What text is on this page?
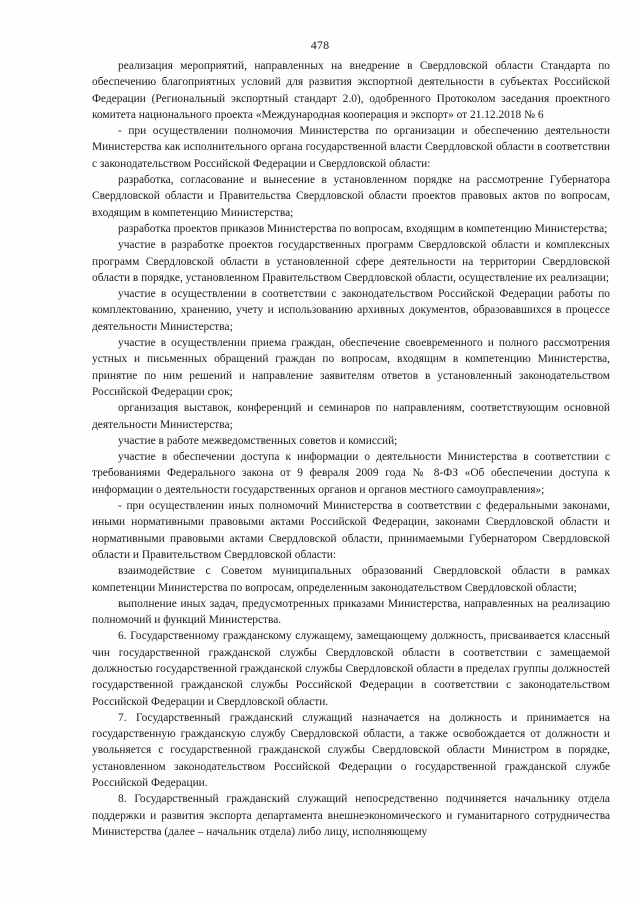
478

реализация мероприятий, направленных на внедрение в Свердловской области Стандарта по обеспечению благоприятных условий для развития экспортной деятельности в субъектах Российской Федерации (Региональный экспортный стандарт 2.0), одобренного Протоколом заседания проектного комитета национального проекта «Международная кооперация и экспорт» от 21.12.2018 № 6

- при осуществлении полномочия Министерства по организации и обеспечению деятельности Министерства как исполнительного органа государственной власти Свердловской области в соответствии с законодательством Российской Федерации и Свердловской области:

разработка, согласование и вынесение в установленном порядке на рассмотрение Губернатора Свердловской области и Правительства Свердловской области проектов правовых актов по вопросам, входящим в компетенцию Министерства;

разработка проектов приказов Министерства по вопросам, входящим в компетенцию Министерства;

участие в разработке проектов государственных программ Свердловской области и комплексных программ Свердловской области в установленной сфере деятельности на территории Свердловской области в порядке, установленном Правительством Свердловской области, осуществление их реализации;

участие в осуществлении в соответствии с законодательством Российской Федерации работы по комплектованию, хранению, учету и использованию архивных документов, образовавшихся в процессе деятельности Министерства;

участие в осуществлении приема граждан, обеспечение своевременного и полного рассмотрения устных и письменных обращений граждан по вопросам, входящим в компетенцию Министерства, принятие по ним решений и направление заявителям ответов в установленный законодательством Российской Федерации срок;

организация выставок, конференций и семинаров по направлениям, соответствующим основной деятельности Министерства;

участие в работе межведомственных советов и комиссий;

участие в обеспечении доступа к информации о деятельности Министерства в соответствии с требованиями Федерального закона от 9 февраля 2009 года № 8-ФЗ «Об обеспечении доступа к информации о деятельности государственных органов и органов местного самоуправления»;

- при осуществлении иных полномочий Министерства в соответствии с федеральными законами, иными нормативными правовыми актами Российской Федерации, законами Свердловской области и нормативными правовыми актами Свердловской области, принимаемыми Губернатором Свердловской области и Правительством Свердловской области:

взаимодействие с Советом муниципальных образований Свердловской области в рамках компетенции Министерства по вопросам, определенным законодательством Свердловской области;

выполнение иных задач, предусмотренных приказами Министерства, направленных на реализацию полномочий и функций Министерства.

6. Государственному гражданскому служащему, замещающему должность, присваивается классный чин государственной гражданской службы Свердловской области в соответствии с замещаемой должностью государственной гражданской службы Свердловской области в пределах группы должностей государственной гражданской службы Российской Федерации в соответствии с законодательством Российской Федерации и Свердловской области.

7. Государственный гражданский служащий назначается на должность и принимается на государственную гражданскую службу Свердловской области, а также освобождается от должности и увольняется с государственной гражданской службы Свердловской области Министром в порядке, установленном законодательством Российской Федерации о государственной гражданской службе Российской Федерации.

8. Государственный гражданский служащий непосредственно подчиняется начальнику отдела поддержки и развития экспорта департамента внешнеэкономического и гуманитарного сотрудничества Министерства (далее – начальник отдела) либо лицу, исполняющему
